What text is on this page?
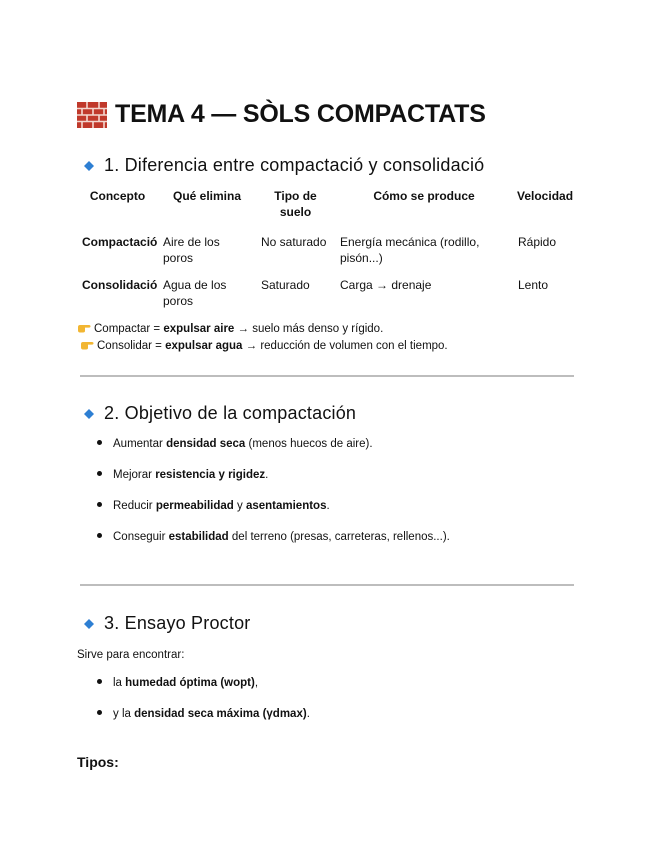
TEMA 4 — SÒLS COMPACTATS
1. Diferencia entre compactació y consolidació
Concepto	Qué elimina	Tipo de suelo	Cómo se produce	Velocidad
Compactació	Aire de los poros	No saturado	Energía mecánica (rodillo, pisón...)	Rápido
Consolidació	Agua de los poros	Saturado	Carga → drenaje	Lento
Compactar = expulsar aire → suelo más denso y rígido.
Consolidar = expulsar agua → reducción de volumen con el tiempo.
2. Objetivo de la compactación
Aumentar densidad seca (menos huecos de aire).
Mejorar resistencia y rigidez.
Reducir permeabilidad y asentamientos.
Conseguir estabilidad del terreno (presas, carreteras, rellenos...).
3. Ensayo Proctor
Sirve para encontrar:
la humedad óptima (wopt),
y la densidad seca máxima (γdmax).
Tipos:
